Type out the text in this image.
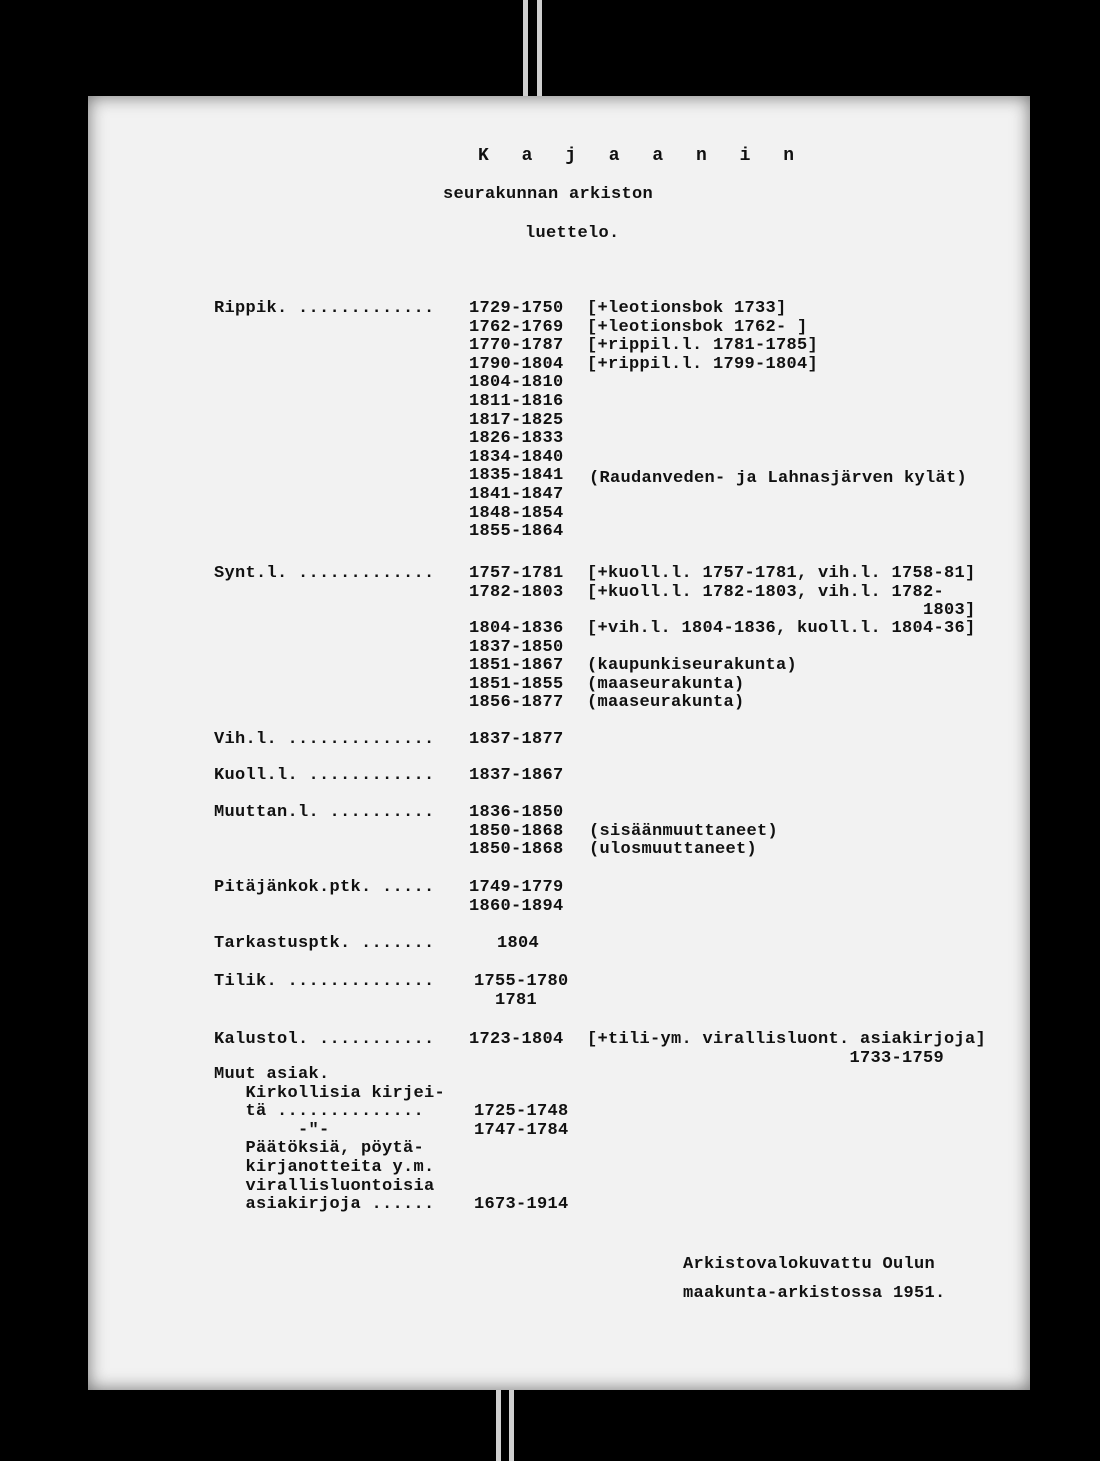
K a j a a n i n
seurakunnan arkiston
luettelo.
Rippik. ............. 1729-1750
1762-1769
1770-1787
1790-1804
1804-1810
1811-1816
1817-1825
1826-1833
1834-1840
1835-1841
1841-1847
1848-1854
1855-1864
[+leotionsbok 1733]
[+leotionsbok 1762- ]
[+rippil.l. 1781-1785]
[+rippil.l. 1799-1804]
(Raudanveden- ja Lahnasjärven kylät)
Synt.l. ............. 1757-1781
1782-1803
[+kuoll.l. 1757-1781, vih.l. 1758-81]
[+kuoll.l. 1782-1803, vih.l. 1782-
1803]
1804-1836
1837-1850
1851-1867
1851-1855
1856-1877
[+vih.l. 1804-1836, kuoll.l. 1804-36]

(kaupunkiseurakunta)
(maaseurakunta)
(maaseurakunta)
Vih.l. .............. 1837-1877
Kuoll.l. ............ 1837-1867
Muuttan.l. .......... 1836-1850
1850-1868
1850-1868

(sisäänmuuttaneet)
(ulosmuuttaneet)
Pitäjänkok.ptk. ..... 1749-1779
1860-1894
Tarkastusptk. .......	1804
Tilik. .............. 1755-1780
1781
Kalustol. ........... 1723-1804 [+tili-ym. virallisluont. asiakirjoja]
1733-1759
Muut asiak.
Kirkollisia kirjei-
tä ..............
-"-
Päätöksiä, pöytä-
kirjanotteita y.m.
virallisluontoisia
asiakirjoja ......

1725-1748
1747-1784

1673-1914
Arkistovalokuvattu Oulun
maakunta-arkistossa 1951.
